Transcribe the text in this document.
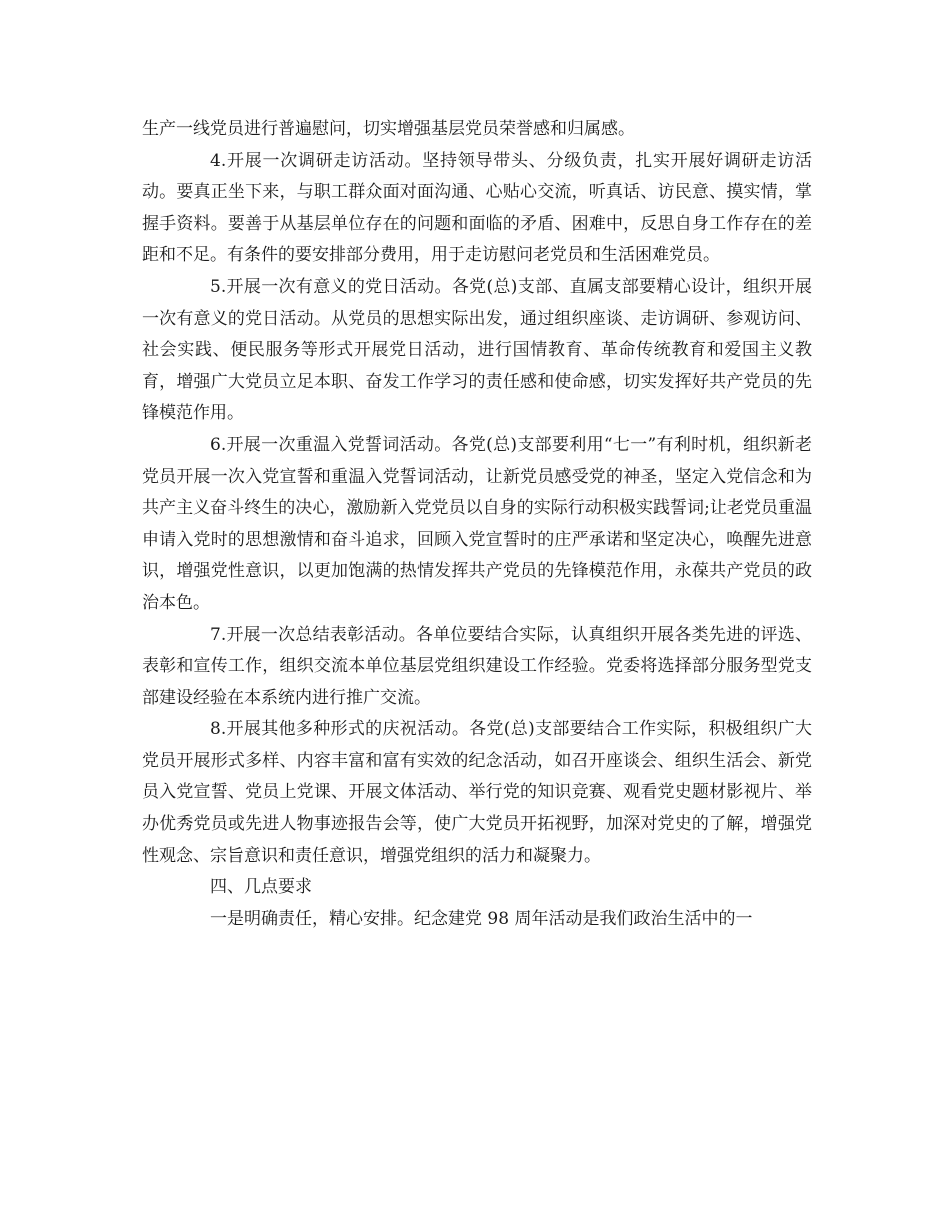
生产一线党员进行普遍慰问，切实增强基层党员荣誉感和归属感。

4.开展一次调研走访活动。坚持领导带头、分级负责，扎实开展好调研走访活动。要真正坐下来，与职工群众面对面沟通、心贴心交流，听真话、访民意、摸实情，掌握手资料。要善于从基层单位存在的问题和面临的矛盾、困难中，反思自身工作存在的差距和不足。有条件的要安排部分费用，用于走访慰问老党员和生活困难党员。

5.开展一次有意义的党日活动。各党(总)支部、直属支部要精心设计，组织开展一次有意义的党日活动。从党员的思想实际出发，通过组织座谈、走访调研、参观访问、社会实践、便民服务等形式开展党日活动，进行国情教育、革命传统教育和爱国主义教育，增强广大党员立足本职、奋发工作学习的责任感和使命感，切实发挥好共产党员的先锋模范作用。

6.开展一次重温入党誓词活动。各党(总)支部要利用“七一”有利时机，组织新老党员开展一次入党宣誓和重温入党誓词活动，让新党员感受党的神圣，坚定入党信念和为共产主义奋斗终生的决心，激励新入党党员以自身的实际行动积极实践誓词;让老党员重温申请入党时的思想激情和奋斗追求，回顾入党宣誓时的庄严承诺和坚定决心，唤醒先进意识，增强党性意识，以更加饱满的热情发挥共产党员的先锋模范作用，永葆共产党员的政治本色。

7.开展一次总结表彰活动。各单位要结合实际，认真组织开展各类先进的评选、表彰和宣传工作，组织交流本单位基层党组织建设工作经验。党委将选择部分服务型党支部建设经验在本系统内进行推广交流。

8.开展其他多种形式的庆祝活动。各党(总)支部要结合工作实际，积极组织广大党员开展形式多样、内容丰富和富有实效的纪念活动，如召开座谈会、组织生活会、新党员入党宣誓、党员上党课、开展文体活动、举行党的知识竞赛、观看党史题材影视片、举办优秀党员或先进人物事迹报告会等，使广大党员开拓视野，加深对党史的了解，增强党性观念、宗旨意识和责任意识，增强党组织的活力和凝聚力。

四、几点要求

一是明确责任，精心安排。纪念建党 98 周年活动是我们政治生活中的一
